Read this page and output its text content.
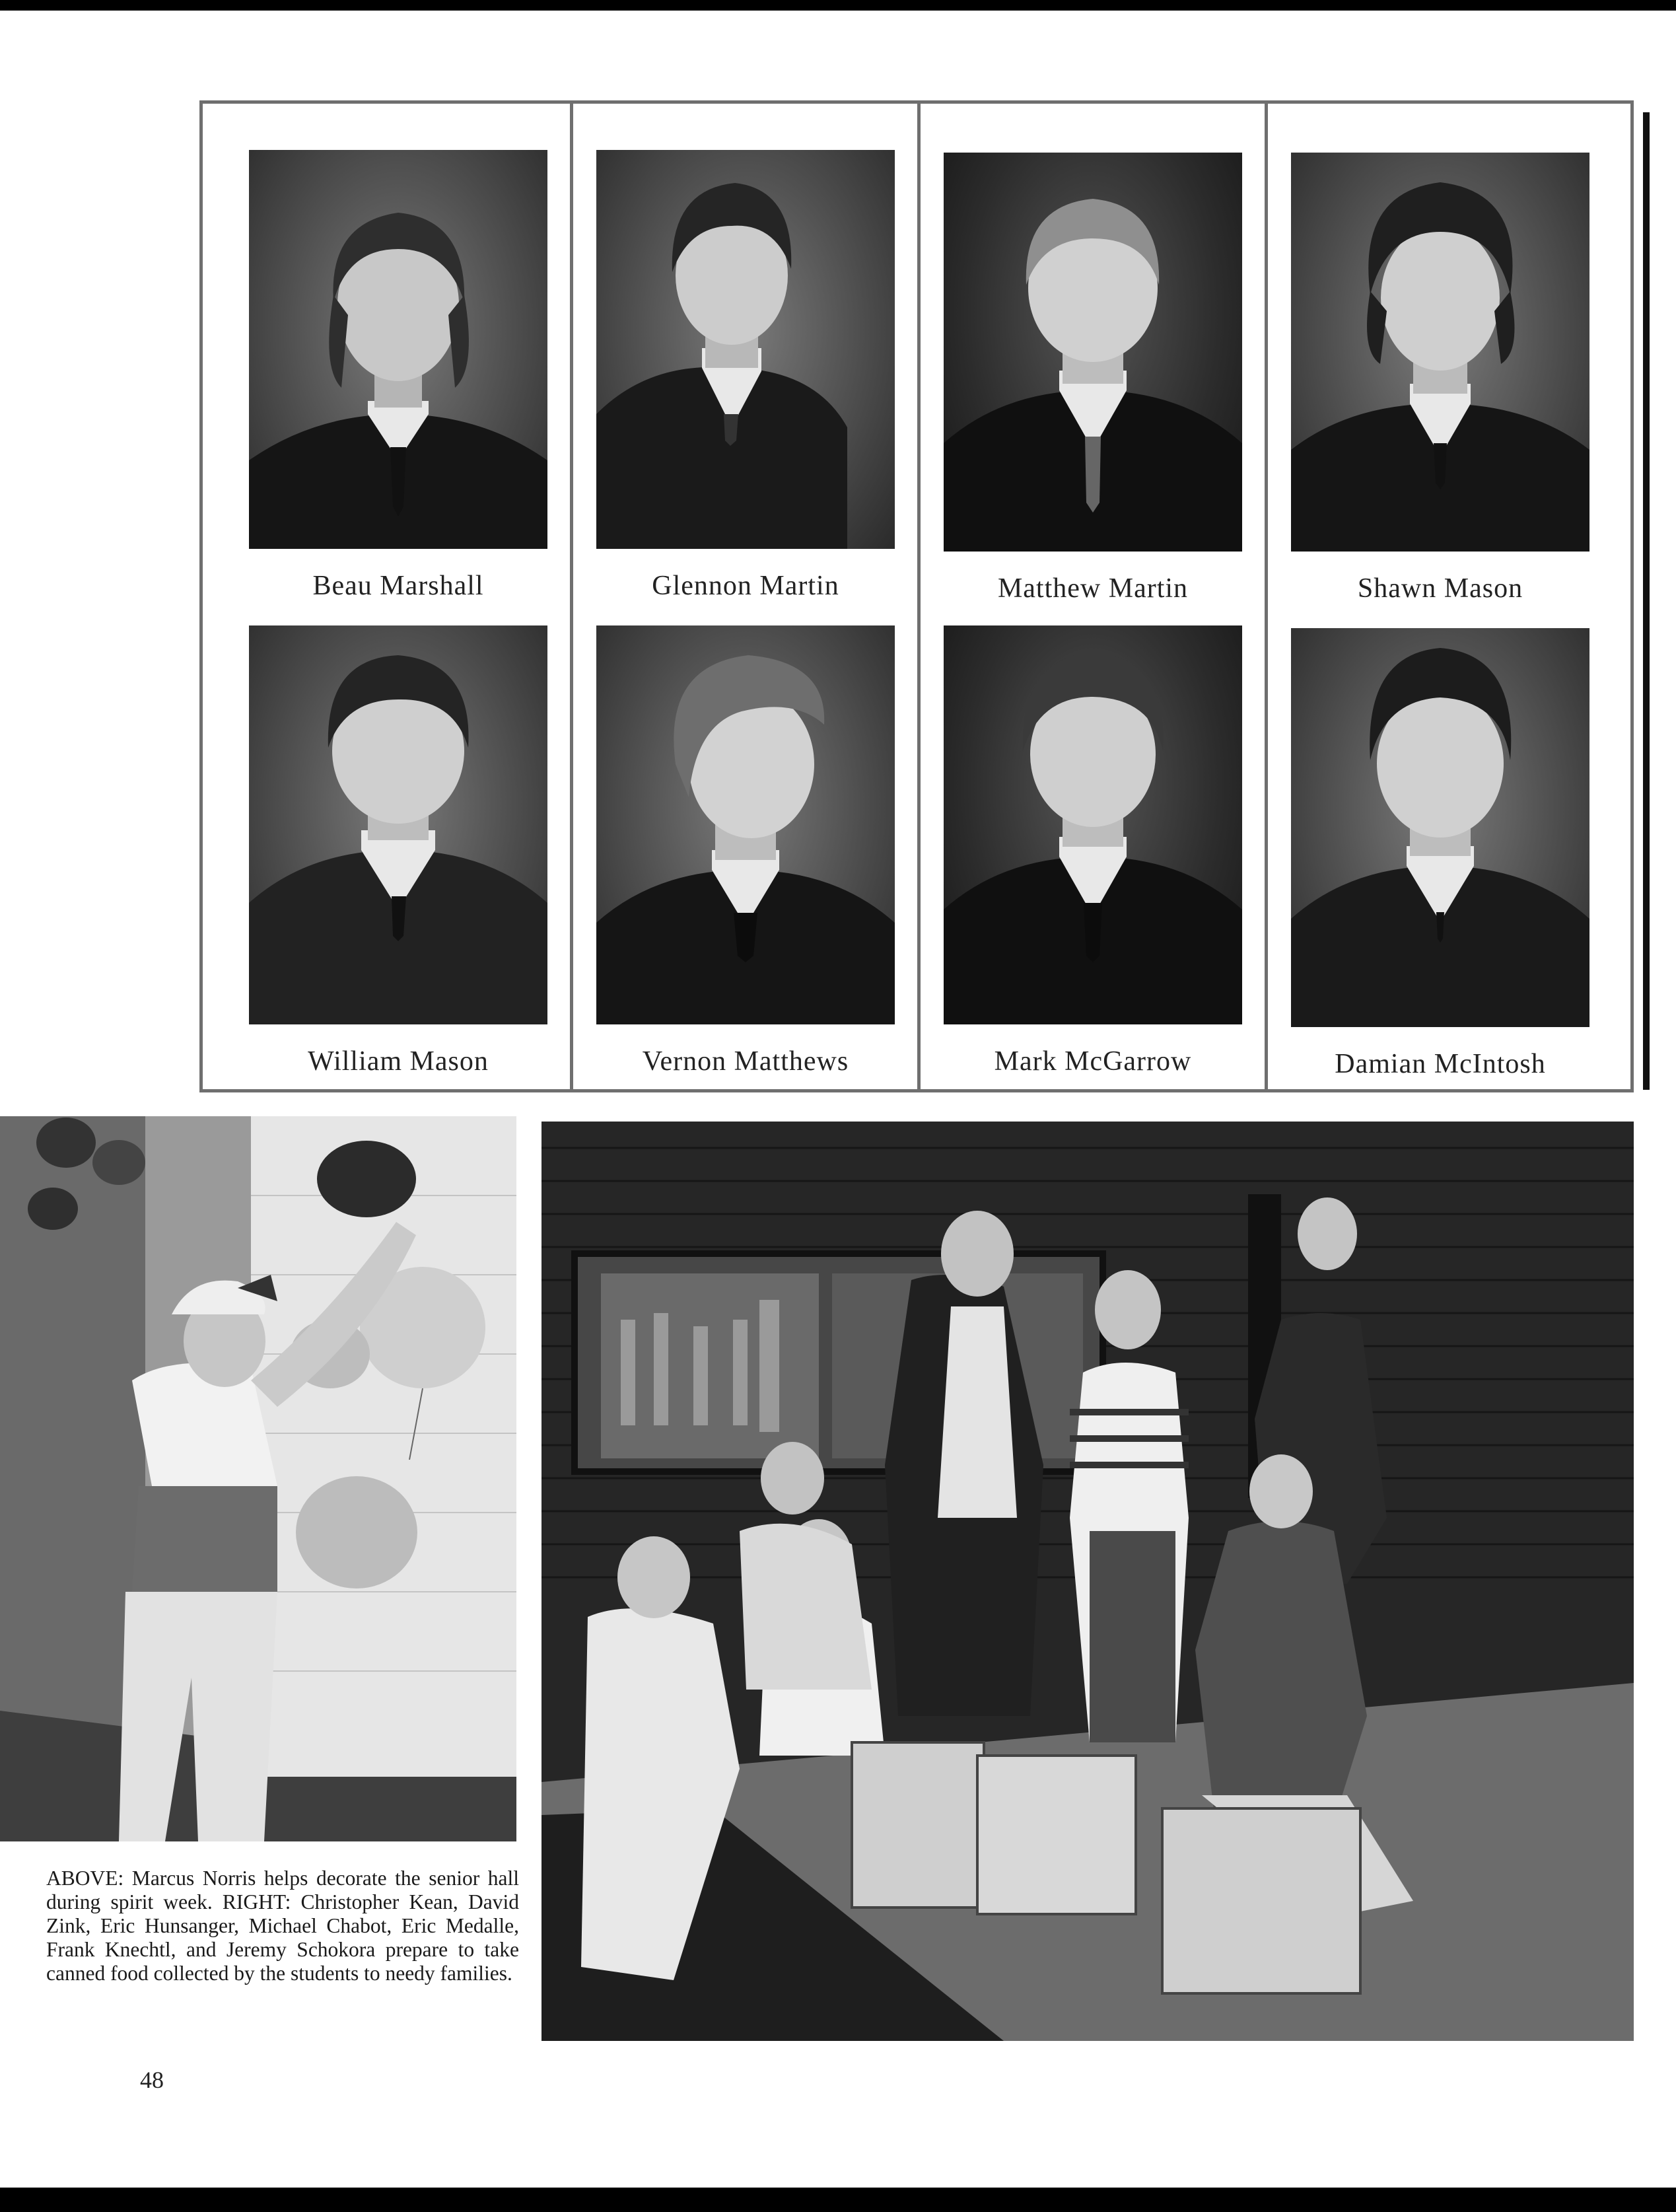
Beau Marshall	Glennon Martin	Matthew Martin	Shawn Mason
William Mason	Vernon Matthews	Mark McGarrow	Damian McIntosh
ABOVE: Marcus Norris helps decorate the senior hall during spirit week. RIGHT: Christopher Kean, David Zink, Eric Hunsanger, Michael Chabot, Eric Medalle, Frank Knechtl, and Jeremy Schokora prepare to take canned food collected by the students to needy families.
48
